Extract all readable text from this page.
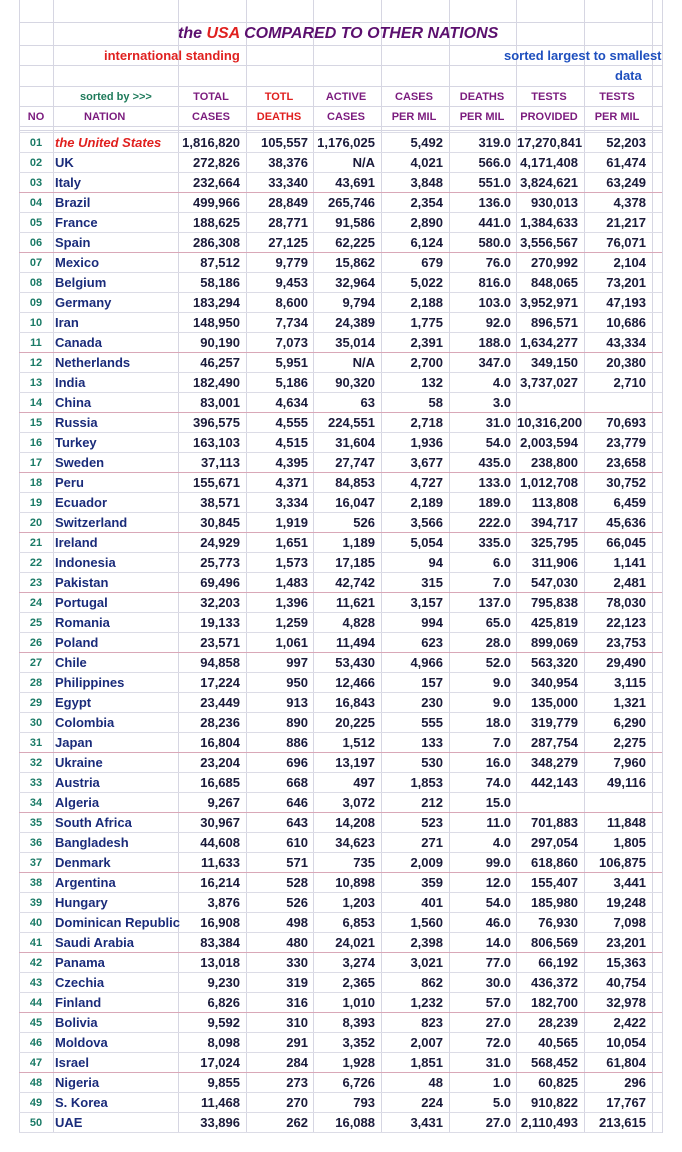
the USA COMPARED TO OTHER NATIONS
international standing	sorted largest to smallest
data
sorted by >>>
NO	NATION
TOTAL	TOTL	ACTIVE	CASES	DEATHS	TESTS	TESTS
CASES	DEATHS	CASES	PER MIL	PER MIL	PROVIDED	PER MIL
01 the United States 1,816,820	105,557 1,176,025	5,492	319.0 17,270,841	52,203
02 UK	272,826	38,376	N/A	4,021	566.0 4,171,408	61,474
03 Italy	232,664	33,340	43,691	3,848	551.0 3,824,621	63,249
04 Brazil	499,966	28,849	265,746	2,354	136.0	930,013	4,378
05 France	188,625	28,771	91,586	2,890	441.0 1,384,633	21,217
06 Spain	286,308	27,125	62,225	6,124	580.0 3,556,567	76,071
07 Mexico	87,512	9,779	15,862	679	76.0	270,992	2,104
08 Belgium	58,186	9,453	32,964	5,022	816.0	848,065	73,201
09 Germany	183,294	8,600	9,794	2,188	103.0 3,952,971	47,193
10 Iran	148,950	7,734	24,389	1,775	92.0	896,571	10,686
11	Canada	90,190	7,073	35,014	2,391	188.0 1,634,277	43,334
12 Netherlands	46,257	5,951	N/A	2,700	347.0	349,150	20,380
13 India	182,490	5,186	90,320	132	4.0 3,737,027	2,710
14 China	83,001	4,634	63	58	3.0
15 Russia	396,575	4,555	224,551	2,718	31.0 10,316,200	70,693
16 Turkey	163,103	4,515	31,604	1,936	54.0 2,003,594	23,779
17 Sweden	37,113	4,395	27,747	3,677	435.0	238,800	23,658
18 Peru	155,671	4,371	84,853	4,727	133.0 1,012,708	30,752
19 Ecuador	38,571	3,334	16,047	2,189	189.0	113,808	6,459
20 Switzerland	30,845	1,919	526	3,566	222.0	394,717	45,636
21 Ireland	24,929	1,651	1,189	5,054	335.0	325,795	66,045
22 Indonesia	25,773	1,573	17,185	94	6.0	311,906	1,141
23 Pakistan	69,496	1,483	42,742	315	7.0	547,030	2,481
24 Portugal	32,203	1,396	11,621	3,157	137.0	795,838	78,030
25 Romania	19,133	1,259	4,828	994	65.0	425,819	22,123
26 Poland	23,571	1,061	11,494	623	28.0	899,069	23,753
27 Chile	94,858	997	53,430	4,966	52.0	563,320	29,490
28 Philippines	17,224	950	12,466	157	9.0	340,954	3,115
29 Egypt	23,449	913	16,843	230	9.0	135,000	1,321
30 Colombia	28,236	890	20,225	555	18.0	319,779	6,290
31 Japan	16,804	886	1,512	133	7.0	287,754	2,275
32 Ukraine	23,204	696	13,197	530	16.0	348,279	7,960
33 Austria	16,685	668	497	1,853	74.0	442,143	49,116
34 Algeria	9,267	646	3,072	212	15.0
35 South Africa	30,967	643	14,208	523	11.0	701,883	11,848
36 Bangladesh	44,608	610	34,623	271	4.0	297,054	1,805
37 Denmark	11,633	571	735	2,009	99.0	618,860	106,875
38 Argentina	16,214	528	10,898	359	12.0	155,407	3,441
39 Hungary	3,876	526	1,203	401	54.0	185,980	19,248
40 Dominican Republic	16,908	498	6,853	1,560	46.0	76,930	7,098
41 Saudi Arabia	83,384	480	24,021	2,398	14.0	806,569	23,201
42 Panama	13,018	330	3,274	3,021	77.0	66,192	15,363
43 Czechia	9,230	319	2,365	862	30.0	436,372	40,754
44 Finland	6,826	316	1,010	1,232	57.0	182,700	32,978
45 Bolivia	9,592	310	8,393	823	27.0	28,239	2,422
46 Moldova	8,098	291	3,352	2,007	72.0	40,565	10,054
47 Israel	17,024	284	1,928	1,851	31.0	568,452	61,804
48 Nigeria	9,855	273	6,726	48	1.0	60,825	296
49 S. Korea	11,468	270	793	224	5.0	910,822	17,767
50 UAE	33,896	262	16,088	3,431	27.0 2,110,493	213,615
